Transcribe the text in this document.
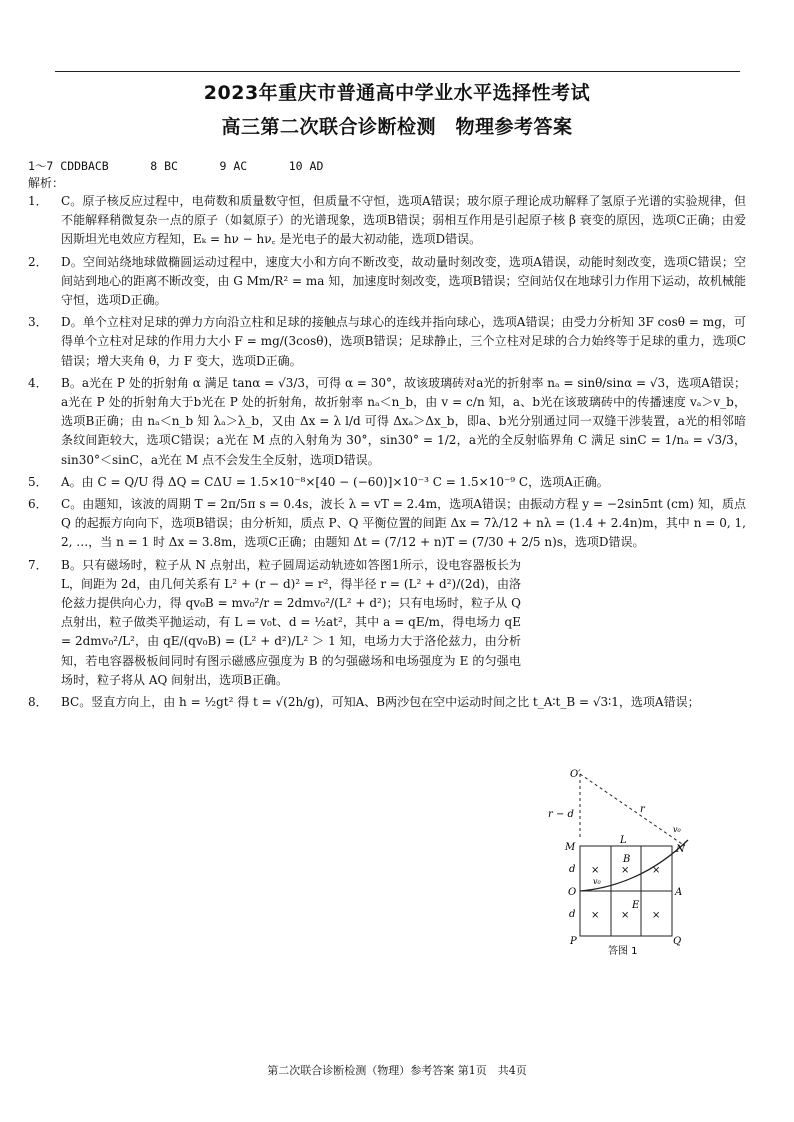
2023年重庆市普通高中学业水平选择性考试
高三第二次联合诊断检测　物理参考答案
1～7 CDDBACB      8 BC      9 AC      10 AD
解析：
1．	C。原子核反应过程中，电荷数和质量数守恒，但质量不守恒，选项A错误；玻尔原子理论成功解释了氢原子光谱的实验规律，但不能解释稍微复杂一点的原子（如氦原子）的光谱现象，选项B错误；弱相互作用是引起原子核 β 衰变的原因，选项C正确；由爱因斯坦光电效应方程知，Eₖ = hν − hν꜀ 是光电子的最大初动能，选项D错误。
2．	D。空间站绕地球做椭圆运动过程中，速度大小和方向不断改变，故动量时刻改变，选项A错误，动能时刻改变，选项C错误；空间站到地心的距离不断改变，由 G Mm/R² = ma 知，加速度时刻改变，选项B错误；空间站仅在地球引力作用下运动，故机械能守恒，选项D正确。
3．	D。单个立柱对足球的弹力方向沿立柱和足球的接触点与球心的连线并指向球心，选项A错误；由受力分析知 3F cosθ = mg，可得单个立柱对足球的作用力大小 F = mg/(3cosθ)，选项B错误；足球静止，三个立柱对足球的合力始终等于足球的重力，选项C错误；增大夹角 θ，力 F 变大，选项D正确。
4．	B。a光在 P 处的折射角 α 满足 tanα = √3/3，可得 α = 30°，故该玻璃砖对a光的折射率 nₐ = sinθ/sinα = √3，选项A错误；a光在 P 处的折射角大于b光在 P 处的折射角，故折射率 nₐ＜n_b，由 v = c/n 知，a、b光在该玻璃砖中的传播速度 vₐ＞v_b，选项B正确；由 nₐ＜n_b 知 λₐ＞λ_b，又由 Δx = λ l/d 可得 Δxₐ＞Δx_b，即a、b光分别通过同一双缝干涉装置，a光的相邻暗条纹间距较大，选项C错误；a光在 M 点的入射角为 30°，sin30° = 1/2，a光的全反射临界角 C 满足 sinC = 1/nₐ = √3/3，sin30°＜sinC，a光在 M 点不会发生全反射，选项D错误。
5．	A。由 C = Q/U 得 ΔQ = CΔU = 1.5×10⁻⁸×[40 − (−60)]×10⁻³ C = 1.5×10⁻⁹ C，选项A正确。
6．	C。由题知，该波的周期 T = 2π/5π s = 0.4s，波长 λ = vT = 2.4m，选项A错误；由振动方程 y = −2sin5πt (cm) 知，质点 Q 的起振方向向下，选项B错误；由分析知，质点 P、Q 平衡位置的间距 Δx = 7λ/12 + nλ = (1.4 + 2.4n)m，其中 n = 0, 1, 2, …，当 n = 1 时 Δx = 3.8m，选项C正确；由题知 Δt = (7/12 + n)T = (7/30 + 2/5 n)s，选项D错误。
7．	B。只有磁场时，粒子从 N 点射出，粒子圆周运动轨迹如答图1所示，设电容器板长为 L，间距为 2d，由几何关系有 L² + (r − d)² = r²，得半径 r = (L² + d²)/(2d)，由洛伦兹力提供向心力，得 qv₀B = mv₀²/r = 2dmv₀²/(L² + d²)；只有电场时，粒子从 Q 点射出，粒子做类平抛运动，有 L = v₀t、d = ½at²，其中 a = qE/m，得电场力 qE = 2dmv₀²/L²，由 qE/(qv₀B) = (L² + d²)/L² ＞ 1 知，电场力大于洛伦兹力，由分析知，若电容器极板间同时有图示磁感应强度为 B 的匀强磁场和电场强度为 E 的匀强电场时，粒子将从 AQ 间射出，选项B正确。
8．	BC。竖直方向上，由 h = ½gt² 得 t = √(2h/g)，可知A、B两沙包在空中运动时间之比 t_A∶t_B = √3∶1，选项A错误；
× × ×
× × ×
O′
r
r − d
v₀
M
L
N
B
d
O
v₀
A
E
d
P	Q
答图 1
第二次联合诊断检测（物理）参考答案 第1页　共4页
